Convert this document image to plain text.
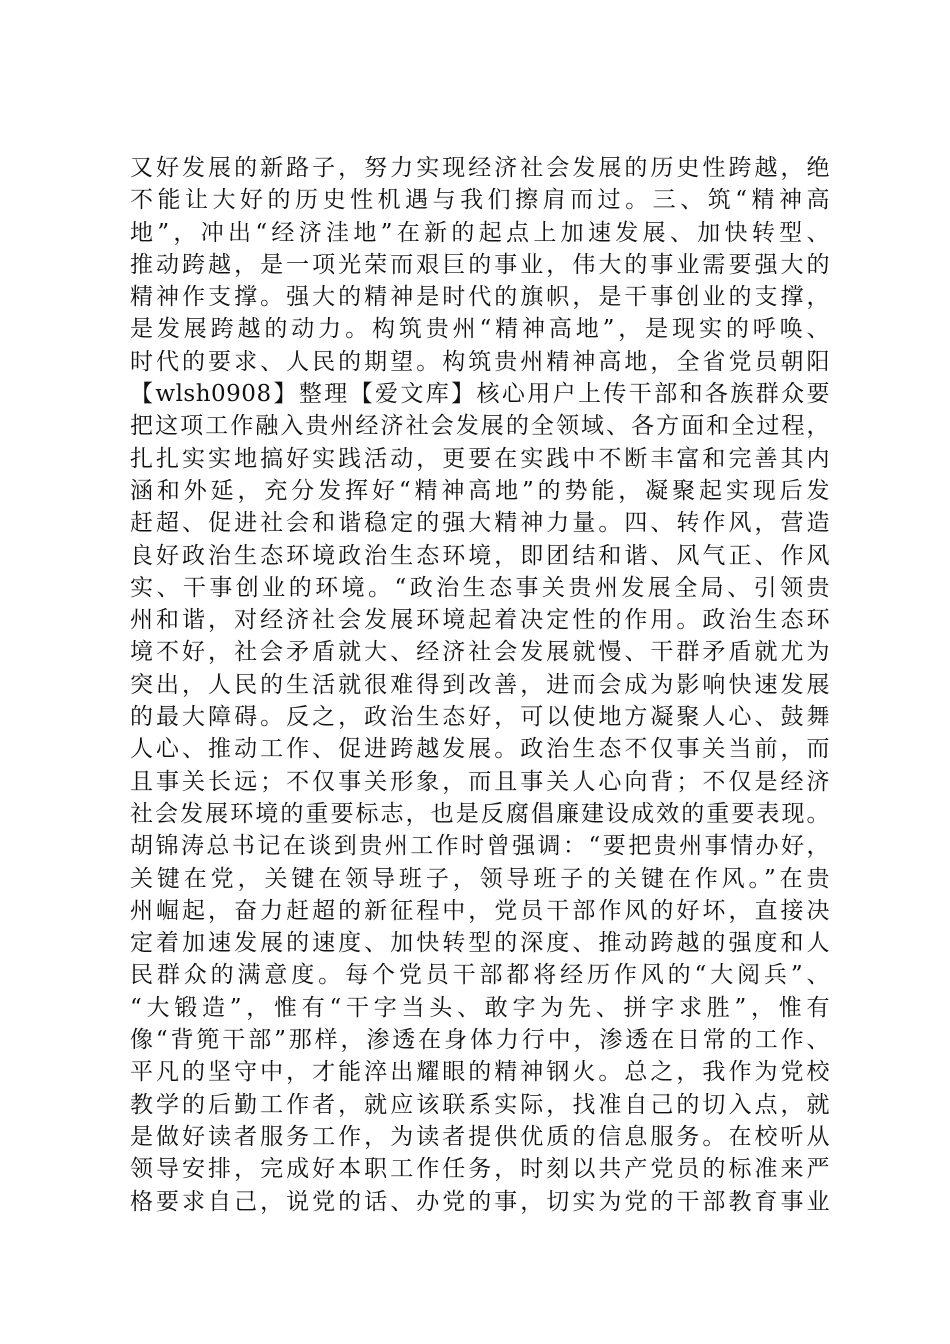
又好发展的新路子，努力实现经济社会发展的历史性跨越，绝
不能让大好的历史性机遇与我们擦肩而过。三、筑“精神高
地”，冲出“经济洼地”在新的起点上加速发展、加快转型、
推动跨越，是一项光荣而艰巨的事业，伟大的事业需要强大的
精神作支撑。强大的精神是时代的旗帜，是干事创业的支撑，
是发展跨越的动力。构筑贵州“精神高地”，是现实的呼唤、
时代的要求、人民的期望。构筑贵州精神高地，全省党员朝阳
【wlsh0908】整理【爱文库】核心用户上传干部和各族群众要
把这项工作融入贵州经济社会发展的全领域、各方面和全过程，
扎扎实实地搞好实践活动，更要在实践中不断丰富和完善其内
涵和外延，充分发挥好“精神高地”的势能，凝聚起实现后发
赶超、促进社会和谐稳定的强大精神力量。四、转作风，营造
良好政治生态环境政治生态环境，即团结和谐、风气正、作风
实、干事创业的环境。“政治生态事关贵州发展全局、引领贵
州和谐，对经济社会发展环境起着决定性的作用。政治生态环
境不好，社会矛盾就大、经济社会发展就慢、干群矛盾就尤为
突出，人民的生活就很难得到改善，进而会成为影响快速发展
的最大障碍。反之，政治生态好，可以使地方凝聚人心、鼓舞
人心、推动工作、促进跨越发展。政治生态不仅事关当前，而
且事关长远；不仅事关形象，而且事关人心向背；不仅是经济
社会发展环境的重要标志，也是反腐倡廉建设成效的重要表现。
胡锦涛总书记在谈到贵州工作时曾强调：“要把贵州事情办好，
关键在党，关键在领导班子，领导班子的关键在作风。”在贵
州崛起，奋力赶超的新征程中，党员干部作风的好坏，直接决
定着加速发展的速度、加快转型的深度、推动跨越的强度和人
民群众的满意度。每个党员干部都将经历作风的“大阅兵”、
“大锻造”，惟有“干字当头、敢字为先、拼字求胜”，惟有
像“背篼干部”那样，渗透在身体力行中，渗透在日常的工作、
平凡的坚守中，才能淬出耀眼的精神钢火。总之，我作为党校
教学的后勤工作者，就应该联系实际，找准自己的切入点，就
是做好读者服务工作，为读者提供优质的信息服务。在校听从
领导安排，完成好本职工作任务，时刻以共产党员的标准来严
格要求自己，说党的话、办党的事，切实为党的干部教育事业
